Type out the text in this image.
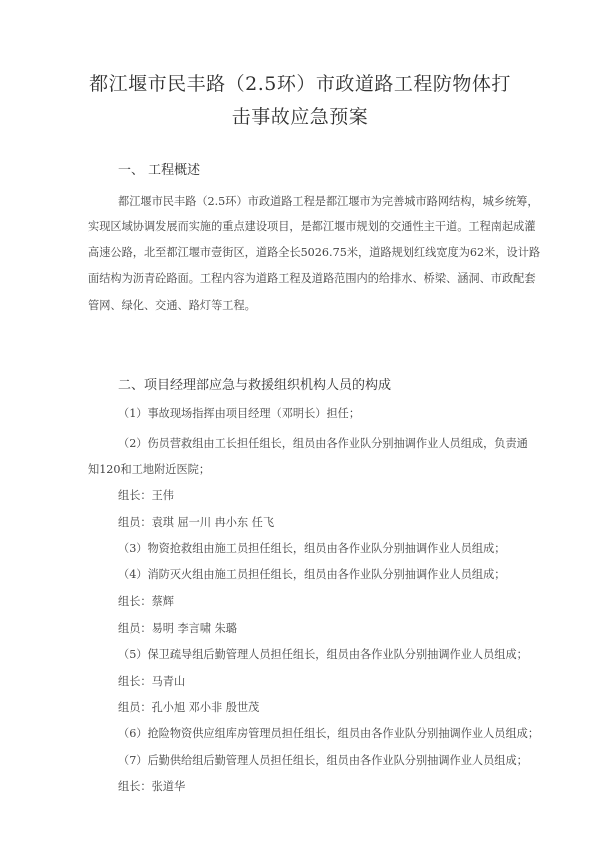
都江堰市民丰路（2.5环）市政道路工程防物体打
击事故应急预案
一、 工程概述
都江堰市民丰路（2.5环）市政道路工程是都江堰市为完善城市路网结构，城乡统筹，
实现区域协调发展而实施的重点建设项目，是都江堰市规划的交通性主干道。工程南起成灌
高速公路，北至都江堰市壹街区，道路全长5026.75米，道路规划红线宽度为62米，设计路
面结构为沥青砼路面。工程内容为道路工程及道路范围内的给排水、桥梁、涵洞、市政配套
管网、绿化、交通、路灯等工程。
二、项目经理部应急与救援组织机构人员的构成
（1）事故现场指挥由项目经理（邓明长）担任；
（2）伤员营救组由工长担任组长，组员由各作业队分别抽调作业人员组成，负责通
知120和工地附近医院；
组长：王伟
组员：袁琪 屈一川 冉小东 任飞
（3）物资抢救组由施工员担任组长，组员由各作业队分别抽调作业人员组成；
（4）消防灭火组由施工员担任组长，组员由各作业队分别抽调作业人员组成；
组长：蔡辉
组员：易明 李言啸 朱璐
（5）保卫疏导组后勤管理人员担任组长，组员由各作业队分别抽调作业人员组成；
组长：马青山
组员：孔小旭 邓小非 殷世茂
（6）抢险物资供应组库房管理员担任组长，组员由各作业队分别抽调作业人员组成；
（7）后勤供给组后勤管理人员担任组长，组员由各作业队分别抽调作业人员组成；
组长：张道华
